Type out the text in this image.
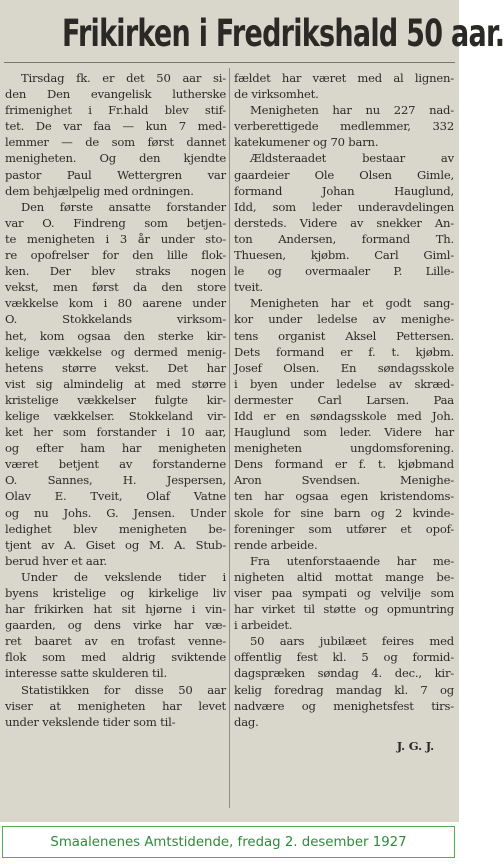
Frikirken i Fredrikshald 50 aar.
Tirsdag fk. er det 50 aar si-
den Den evangelisk lutherske
frimenighet i Fr.hald blev stif-
tet. De var faa — kun 7 med-
lemmer — de som først dannet
menigheten. Og den kjendte
pastor Paul Wettergren var
dem behjælpelig med ordningen.
Den første ansatte forstander
var O. Findreng som betjen-
te menigheten i 3 år under sto-
re opofrelser for den lille flok-
ken. Der blev straks nogen
vekst, men først da den store
vækkelse kom i 80 aarene under
O. Stokkelands virksom-
het, kom ogsaa den sterke kir-
kelige vækkelse og dermed menig-
hetens større vekst. Det har
vist sig almindelig at med større
kristelige vækkelser fulgte kir-
kelige vækkelser. Stokkeland vir-
ket her som forstander i 10 aar,
og efter ham har menigheten
været betjent av forstanderne
O. Sannes, H. Jespersen,
Olav E. Tveit, Olaf Vatne
og nu Johs. G. Jensen. Under
ledighet blev menigheten be-
tjent av A. Giset og M. A. Stub-
berud hver et aar.
Under de vekslende tider i
byens kristelige og kirkelige liv
har frikirken hat sit hjørne i vin-
gaarden, og dens virke har væ-
ret baaret av en trofast venne-
flok som med aldrig sviktende
interesse satte skulderen til.
Statistikken for disse 50 aar
viser at menigheten har levet
under vekslende tider som til-
fældet har været med al lignen-
de virksomhet.
Menigheten har nu 227 nad-
verberettigede medlemmer, 332
katekumener og 70 barn.
Ældsteraadet bestaar av
gaardeier Ole Olsen Gimle,
formand Johan Hauglund,
Idd, som leder underavdelingen
dersteds. Videre av snekker An-
ton Andersen, formand Th.
Thuesen, kjøbm. Carl Giml-
le og overmaaler P. Lille-
tveit.
Menigheten har et godt sang-
kor under ledelse av menighe-
tens organist Aksel Pettersen.
Dets formand er f. t. kjøbm.
Josef Olsen. En søndagsskole
i byen under ledelse av skræd-
dermester Carl Larsen. Paa
Idd er en søndagsskole med Joh.
Hauglund som leder. Videre har
menigheten ungdomsforening.
Dens formand er f. t. kjøbmand
Aron Svendsen. Menighe-
ten har ogsaa egen kristendoms-
skole for sine barn og 2 kvinde-
foreninger som utfører et opof-
rende arbeide.
Fra utenforstaaende har me-
nigheten altid mottat mange be-
viser paa sympati og velvilje som
har virket til støtte og opmuntring
i arbeidet.
50 aars jubilæet feires med
offentlig fest kl. 5 og formid-
dagspræken søndag 4. dec., kir-
kelig foredrag mandag kl. 7 og
nadvære og menighetsfest tirs-
dag.
J. G. J.
Smaalenenes Amtstidende, fredag 2. desember 1927
